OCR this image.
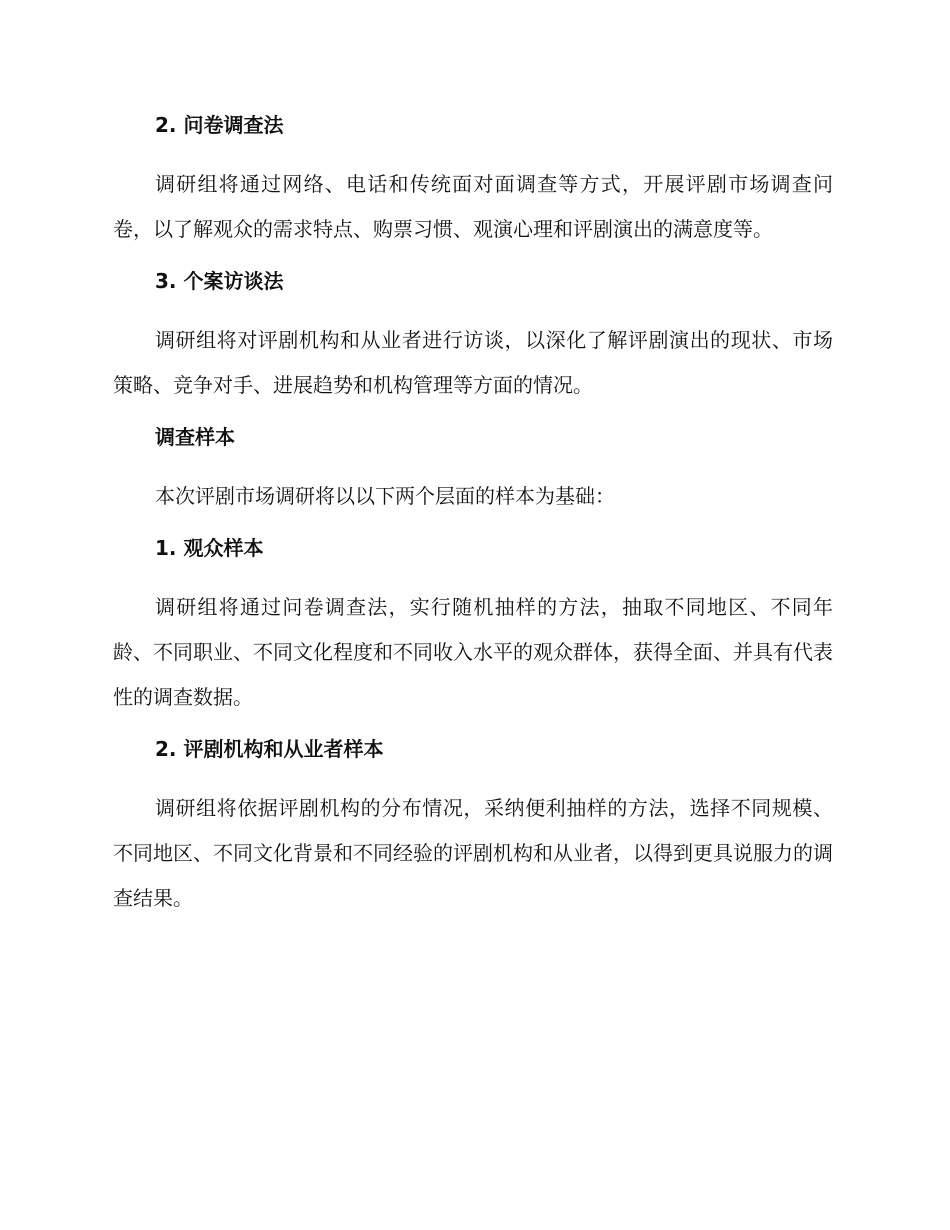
2. 问卷调查法
调研组将通过网络、电话和传统面对面调查等方式，开展评剧市场调查问卷，以了解观众的需求特点、购票习惯、观演心理和评剧演出的满意度等。
3. 个案访谈法
调研组将对评剧机构和从业者进行访谈，以深化了解评剧演出的现状、市场策略、竞争对手、进展趋势和机构管理等方面的情况。
调查样本
本次评剧市场调研将以以下两个层面的样本为基础：
1. 观众样本
调研组将通过问卷调查法，实行随机抽样的方法，抽取不同地区、不同年龄、不同职业、不同文化程度和不同收入水平的观众群体，获得全面、并具有代表性的调查数据。
2. 评剧机构和从业者样本
调研组将依据评剧机构的分布情况，采纳便利抽样的方法，选择不同规模、不同地区、不同文化背景和不同经验的评剧机构和从业者，以得到更具说服力的调查结果。
